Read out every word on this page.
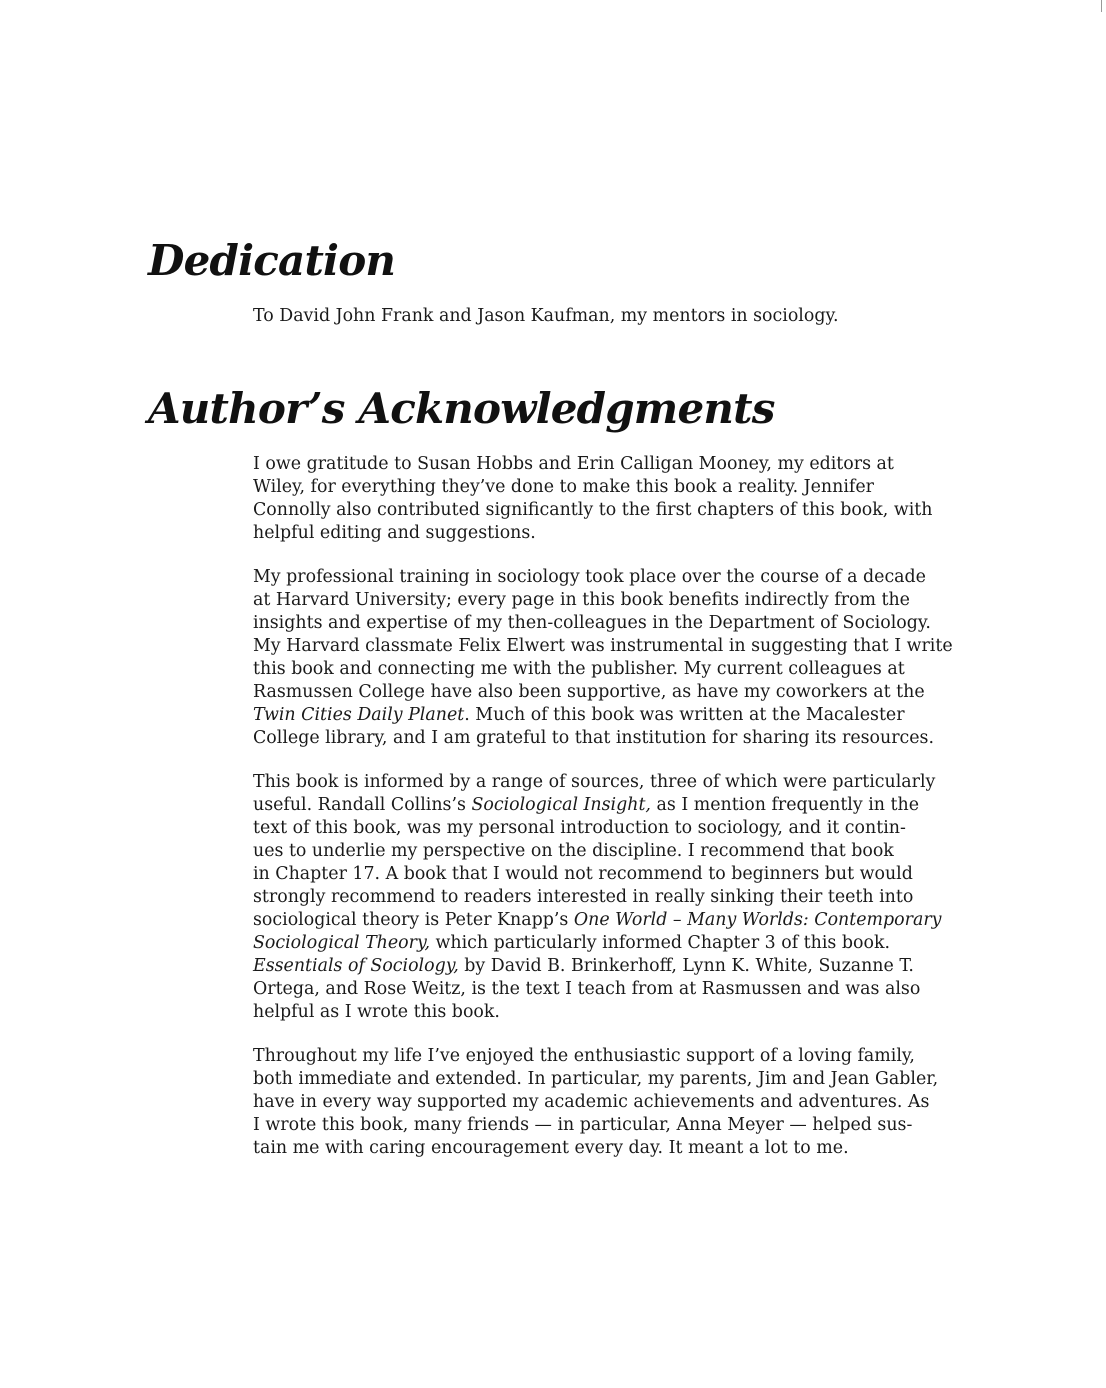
Dedication

To David John Frank and Jason Kaufman, my mentors in sociology.

Author’s Acknowledgments

I owe gratitude to Susan Hobbs and Erin Calligan Mooney, my editors at
Wiley, for everything they’ve done to make this book a reality. Jennifer
Connolly also contributed significantly to the first chapters of this book, with
helpful editing and suggestions.

My professional training in sociology took place over the course of a decade
at Harvard University; every page in this book benefits indirectly from the
insights and expertise of my then-colleagues in the Department of Sociology.
My Harvard classmate Felix Elwert was instrumental in suggesting that I write
this book and connecting me with the publisher. My current colleagues at
Rasmussen College have also been supportive, as have my coworkers at the
Twin Cities Daily Planet. Much of this book was written at the Macalester
College library, and I am grateful to that institution for sharing its resources.

This book is informed by a range of sources, three of which were particularly
useful. Randall Collins’s Sociological Insight, as I mention frequently in the
text of this book, was my personal introduction to sociology, and it contin-
ues to underlie my perspective on the discipline. I recommend that book
in Chapter 17. A book that I would not recommend to beginners but would
strongly recommend to readers interested in really sinking their teeth into
sociological theory is Peter Knapp’s One World – Many Worlds: Contemporary
Sociological Theory, which particularly informed Chapter 3 of this book.
Essentials of Sociology, by David B. Brinkerhoff, Lynn K. White, Suzanne T.
Ortega, and Rose Weitz, is the text I teach from at Rasmussen and was also
helpful as I wrote this book.

Throughout my life I’ve enjoyed the enthusiastic support of a loving family,
both immediate and extended. In particular, my parents, Jim and Jean Gabler,
have in every way supported my academic achievements and adventures. As
I wrote this book, many friends — in particular, Anna Meyer — helped sus-
tain me with caring encouragement every day. It meant a lot to me.
